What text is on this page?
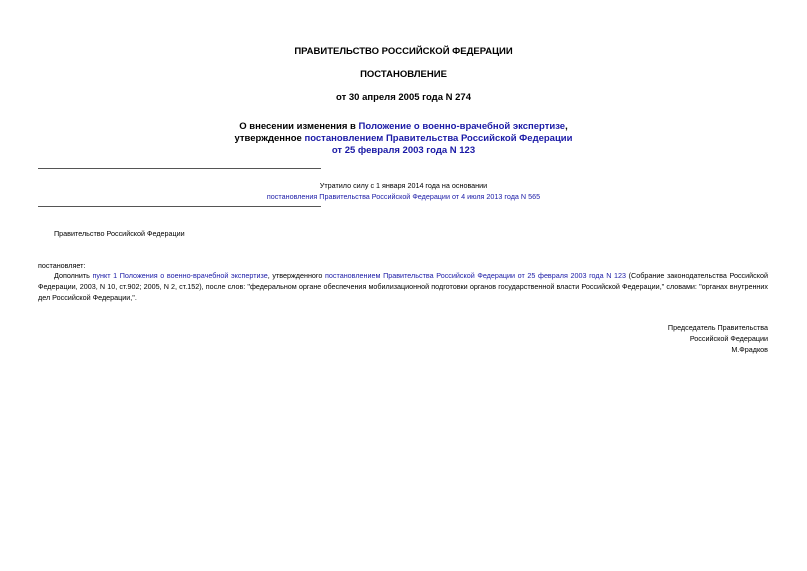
ПРАВИТЕЛЬСТВО РОССИЙСКОЙ ФЕДЕРАЦИИ
ПОСТАНОВЛЕНИЕ
от 30 апреля 2005 года N 274
О внесении изменения в Положение о военно-врачебной экспертизе,
утвержденное постановлением Правительства Российской Федерации
от 25 февраля 2003 года N 123
Утратило силу с 1 января 2014 года на основании
постановления Правительства Российской Федерации от 4 июля 2013 года N 565
Правительство Российской Федерации
постановляет:
Дополнить пункт 1 Положения о военно-врачебной экспертизе, утвержденного постановлением Правительства Российской Федерации от 25 февраля 2003 года N 123 (Собрание законодательства Российской Федерации, 2003, N 10, ст.902; 2005, N 2, ст.152), после слов: "федеральном органе обеспечения мобилизационной подготовки органов государственной власти Российской Федерации," словами: "органах внутренних дел Российской Федерации,".
Председатель Правительства
Российской Федерации
М.Фрадков
